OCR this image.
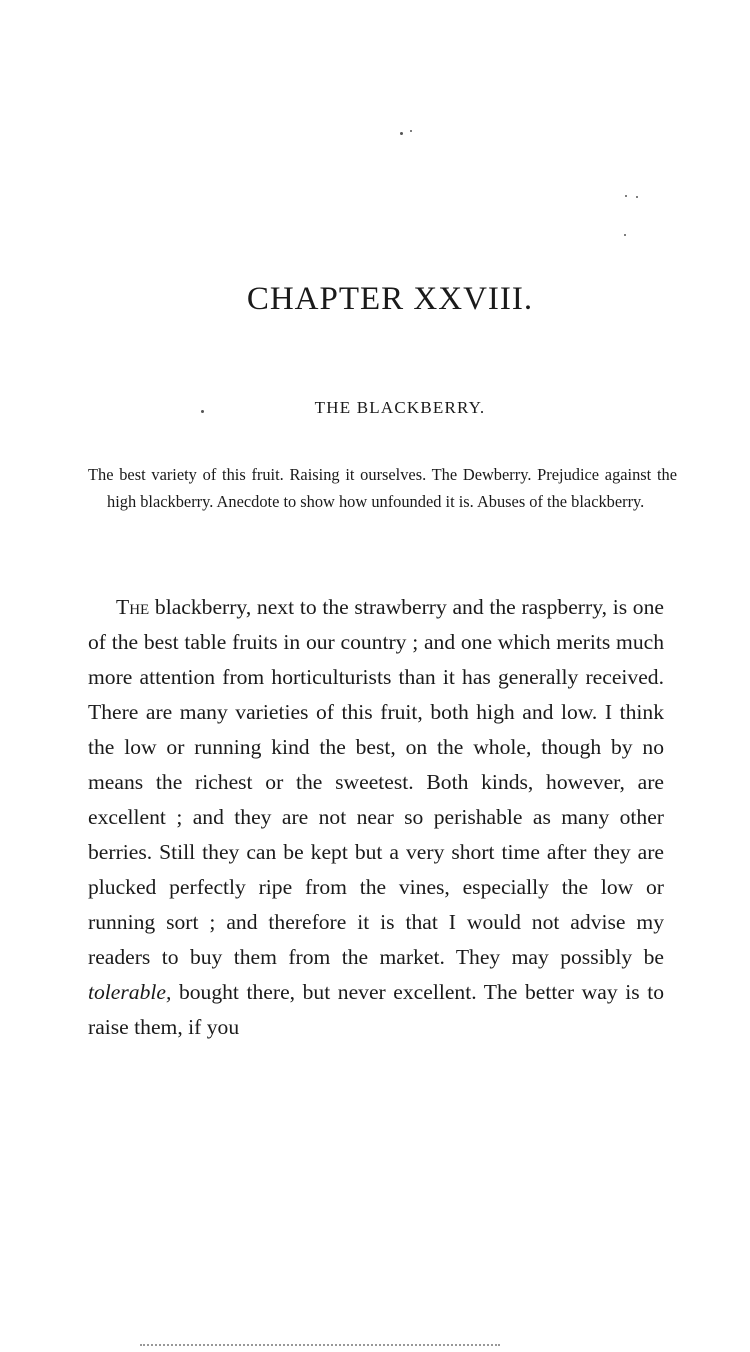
CHAPTER XXVIII.
THE BLACKBERRY.

The best variety of this fruit. Raising it ourselves. The Dewberry. Prejudice against the high blackberry. Anecdote to show how unfounded it is. Abuses of the blackberry.

The blackberry, next to the strawberry and the raspberry, is one of the best table fruits in our country ; and one which merits much more attention from horticulturists than it has generally received. There are many varieties of this fruit, both high and low. I think the low or running kind the best, on the whole, though by no means the richest or the sweetest. Both kinds, however, are excellent ; and they are not near so perishable as many other berries. Still they can be kept but a very short time after they are plucked perfectly ripe from the vines, especially the low or running sort ; and therefore it is that I would not advise my readers to buy them from the market. They may possibly be tolerable, bought there, but never excellent. The better way is to raise them, if you
